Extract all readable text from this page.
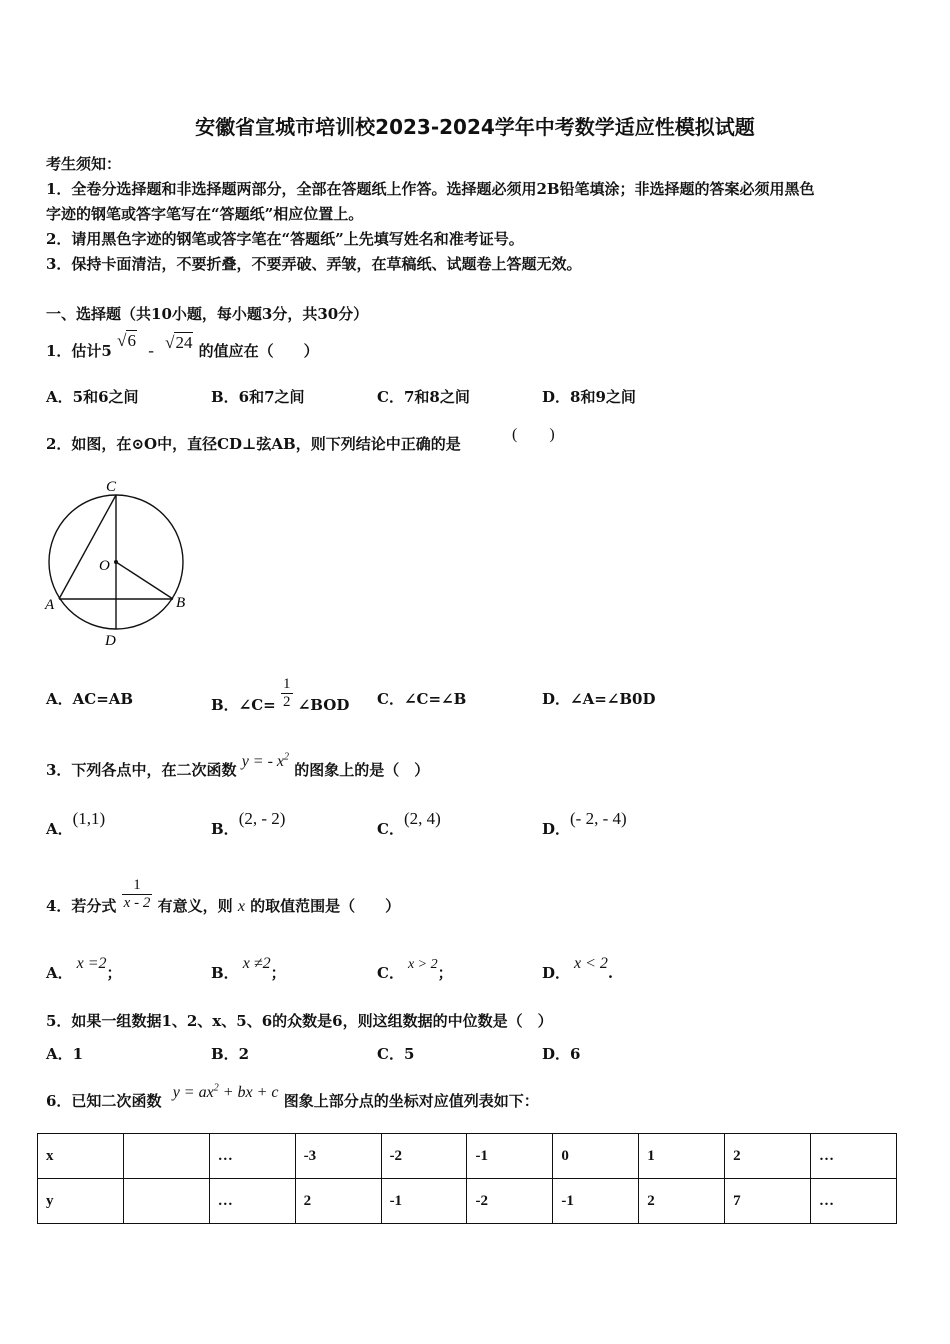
安徽省宣城市培训校2023-2024学年中考数学适应性模拟试题
考生须知：
1．全卷分选择题和非选择题两部分，全部在答题纸上作答。选择题必须用2B铅笔填涂；非选择题的答案必须用黑色
字迹的钢笔或答字笔写在“答题纸”相应位置上。
2．请用黑色字迹的钢笔或答字笔在“答题纸”上先填写姓名和准考证号。
3．保持卡面清洁，不要折叠，不要弄破、弄皱，在草稿纸、试题卷上答题无效。
一、选择题（共10小题，每小题3分，共30分）
1．估计5 √6 - √24 的值应在（　　）
A．5和6之间	B．6和7之间	C．7和8之间	D．8和9之间
2．如图，在⊙O中，直径CD⊥弦AB，则下列结论中正确的是
(　　)
C
O
A	B
D
A．AC=AB	B．∠C= $\frac{1}{2}$ ∠BOD C．∠C=∠B	D．∠A=∠B0D
3．下列各点中，在二次函数 y = - $x^2$ 的图象上的是（　）
A．(1,1)
B．(2, - 2)
C．(2, 4)
D．(- 2, - 4)
4．若分式 $\frac{1}{x - 2}$ 有意义，则 x 的取值范围是（　　）
A．x =2；	B．x ≠2；	C． x > 2；	D．x < 2.
5．如果一组数据1、2、x、5、6的众数是6，则这组数据的中位数是（　）
A．1	B．2	C．5	D．6
6．已知二次函数 $y = ax^2$ + bx + c 图象上部分点的坐标对应值列表如下：
x		…	-3	-2	-1	0	1	2	…
y		…	2	-1	-2	-1	2	7	…
